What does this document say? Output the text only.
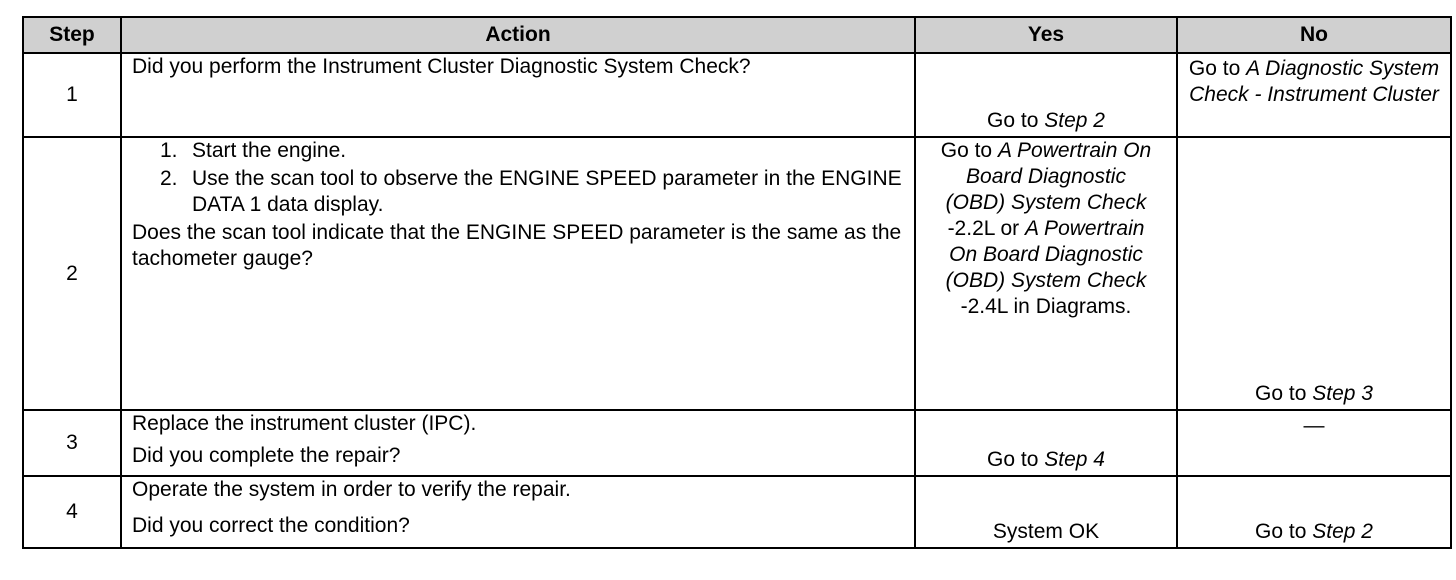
Step	Action	Yes	No
1	Did you perform the Instrument Cluster Diagnostic System Check?	Go to Step 2	Go to A Diagnostic System Check - Instrument Cluster

2	1. Start the engine.
2. Use the scan tool to observe the ENGINE SPEED parameter in the ENGINE DATA 1 data display.
Does the scan tool indicate that the ENGINE SPEED parameter is the same as the tachometer gauge?	Go to A Powertrain On Board Diagnostic (OBD) System Check -2.2L or A Powertrain On Board Diagnostic (OBD) System Check -2.4L in Diagrams.	Go to Step 3

3	Replace the instrument cluster (IPC).
Did you complete the repair?	Go to Step 4	—

4	Operate the system in order to verify the repair.
Did you correct the condition?	System OK	Go to Step 2
